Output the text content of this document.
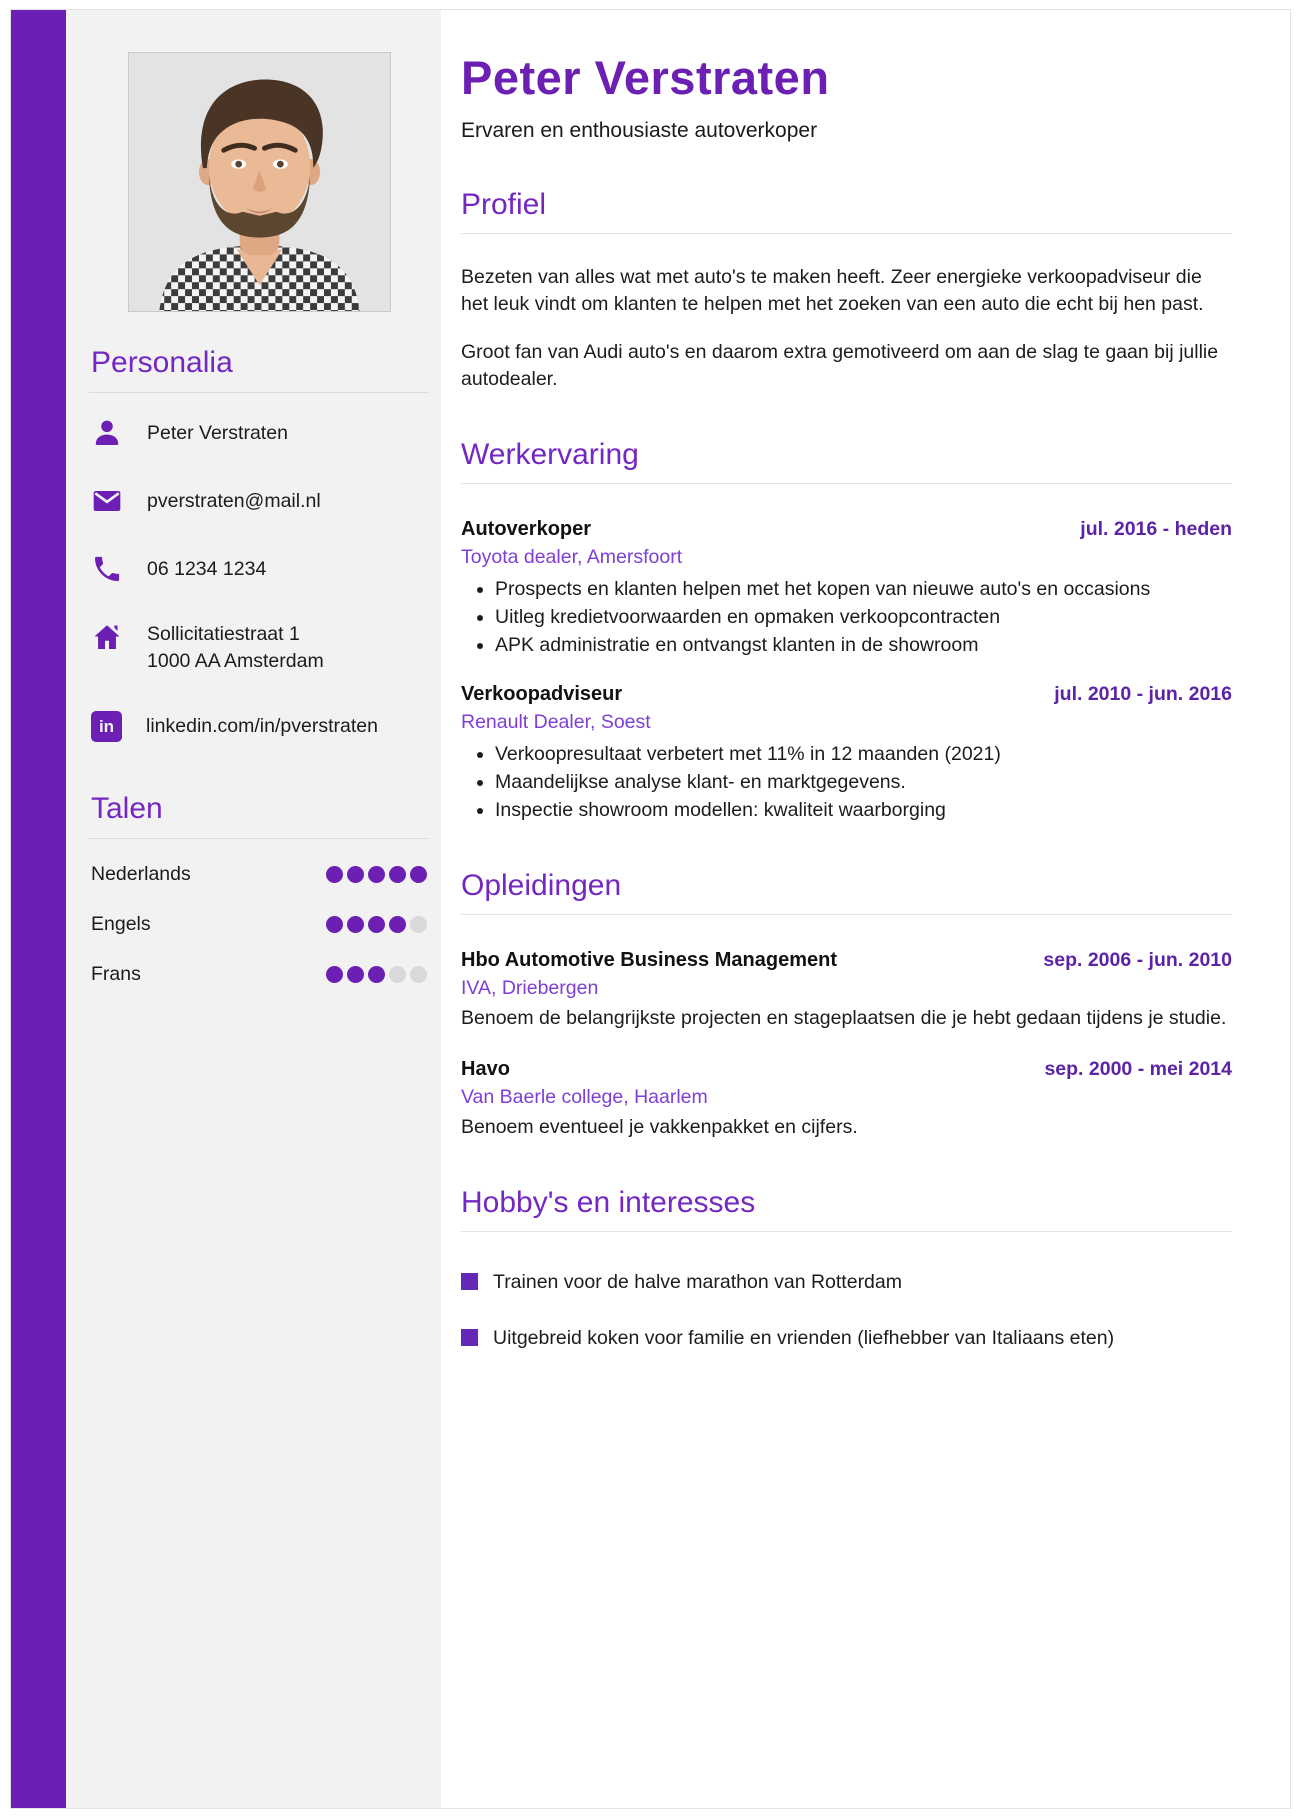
Personalia
Peter Verstraten
pverstraten@mail.nl
06 1234 1234
Sollicitatiestraat 1
1000 AA Amsterdam
in	linkedin.com/in/pverstraten
Talen
Nederlands
Engels
Frans
Peter Verstraten
Ervaren en enthousiaste autoverkoper
Profiel

Bezeten van alles wat met auto's te maken heeft. Zeer energieke verkoopadviseur die het leuk vindt om klanten te helpen met het zoeken van een auto die echt bij hen past.

Groot fan van Audi auto's en daarom extra gemotiveerd om aan de slag te gaan bij jullie autodealer.

Werkervaring
Autoverkoper	jul. 2016 - heden
Toyota dealer, Amersfoort
• Prospects en klanten helpen met het kopen van nieuwe auto's en occasions
• Uitleg kredietvoorwaarden en opmaken verkoopcontracten
• APK administratie en ontvangst klanten in de showroom
Verkoopadviseur	jul. 2010 - jun. 2016
Renault Dealer, Soest
• Verkoopresultaat verbetert met 11% in 12 maanden (2021)
• Maandelijkse analyse klant- en marktgegevens.
• Inspectie showroom modellen: kwaliteit waarborging
Opleidingen
Hbo Automotive Business Management	sep. 2006 - jun. 2010
IVA, Driebergen
Benoem de belangrijkste projecten en stageplaatsen die je hebt gedaan tijdens je studie.
Havo	sep. 2000 - mei 2014
Van Baerle college, Haarlem
Benoem eventueel je vakkenpakket en cijfers.
Hobby's en interesses
Trainen voor de halve marathon van Rotterdam
Uitgebreid koken voor familie en vrienden (liefhebber van Italiaans eten)
